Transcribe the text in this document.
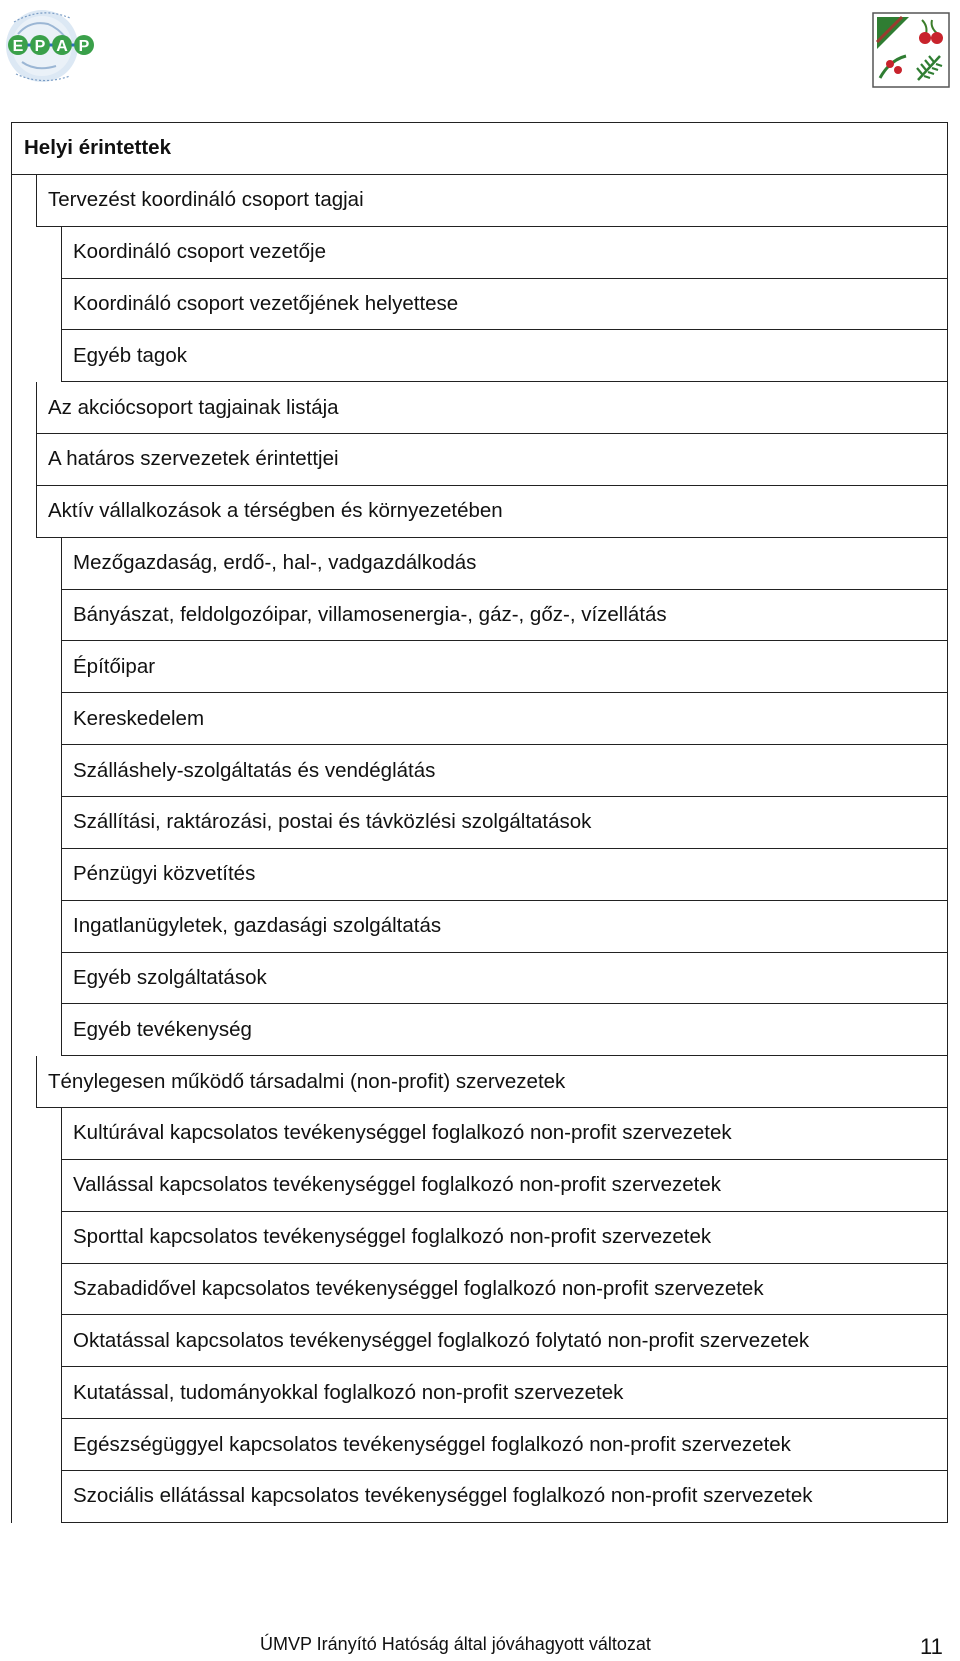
E P A P
Helyi érintettek
Tervezést koordináló csoport tagjai
Koordináló csoport vezetője
Koordináló csoport vezetőjének helyettese
Egyéb tagok
Az akciócsoport tagjainak listája
A határos szervezetek érintettjei
Aktív vállalkozások a térségben és környezetében
Mezőgazdaság, erdő-, hal-, vadgazdálkodás
Bányászat, feldolgozóipar, villamosenergia-, gáz-, gőz-, vízellátás
Építőipar
Kereskedelem
Szálláshely-szolgáltatás és vendéglátás
Szállítási, raktározási, postai és távközlési szolgáltatások
Pénzügyi közvetítés
Ingatlanügyletek, gazdasági szolgáltatás
Egyéb szolgáltatások
Egyéb tevékenység
Ténylegesen működő társadalmi (non-profit) szervezetek
Kultúrával kapcsolatos tevékenységgel foglalkozó non-profit szervezetek
Vallással kapcsolatos tevékenységgel foglalkozó non-profit szervezetek
Sporttal kapcsolatos tevékenységgel foglalkozó non-profit szervezetek
Szabadidővel kapcsolatos tevékenységgel foglalkozó non-profit szervezetek
Oktatással kapcsolatos tevékenységgel foglalkozó folytató non-profit szervezetek
Kutatással, tudományokkal foglalkozó non-profit szervezetek
Egészségüggyel kapcsolatos tevékenységgel foglalkozó non-profit szervezetek
Szociális ellátással kapcsolatos tevékenységgel foglalkozó non-profit szervezetek
ÚMVP Irányító Hatóság által jóváhagyott változat	11
